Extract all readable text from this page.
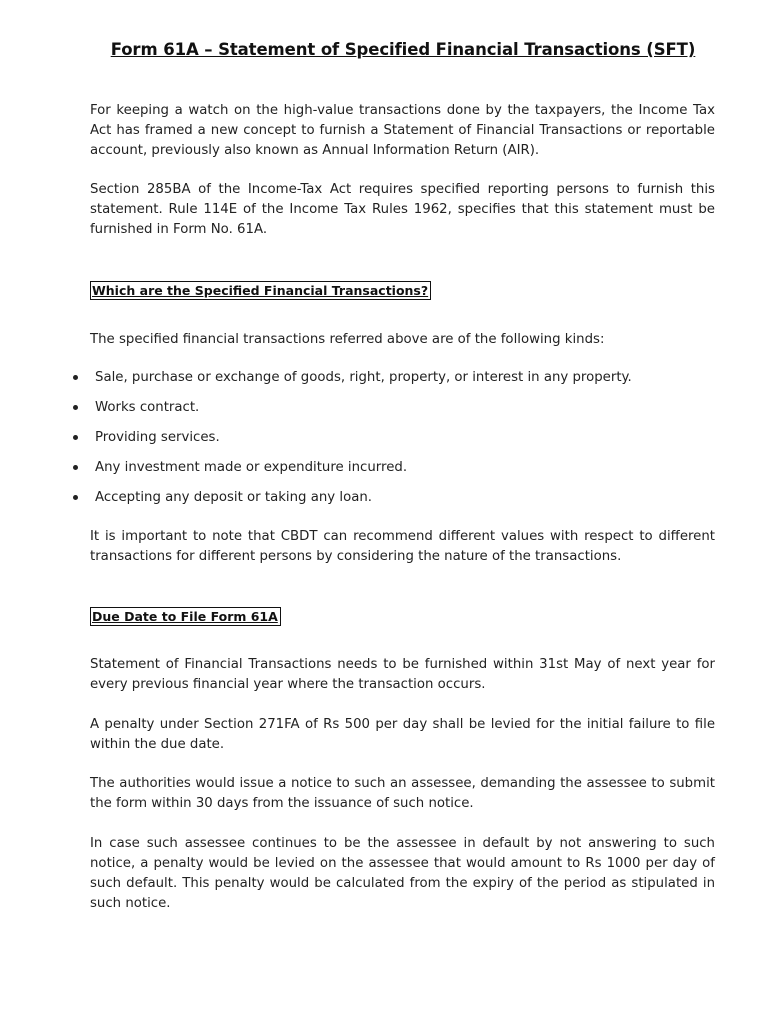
Form 61A – Statement of Specified Financial Transactions (SFT)

For keeping a watch on the high-value transactions done by the taxpayers, the Income Tax Act has framed a new concept to furnish a Statement of Financial Transactions or reportable account, previously also known as Annual Information Return (AIR).

Section 285BA of the Income-Tax Act requires specified reporting persons to furnish this statement. Rule 114E of the Income Tax Rules 1962, specifies that this statement must be furnished in Form No. 61A.

Which are the Specified Financial Transactions?

The specified financial transactions referred above are of the following kinds:

Sale, purchase or exchange of goods, right, property, or interest in any property.
Works contract.
Providing services.
Any investment made or expenditure incurred.
Accepting any deposit or taking any loan.

It is important to note that CBDT can recommend different values with respect to different transactions for different persons by considering the nature of the transactions.

Due Date to File Form 61A

Statement of Financial Transactions needs to be furnished within 31st May of next year for every previous financial year where the transaction occurs.

A penalty under Section 271FA of Rs 500 per day shall be levied for the initial failure to file within the due date.

The authorities would issue a notice to such an assessee, demanding the assessee to submit the form within 30 days from the issuance of such notice.

In case such assessee continues to be the assessee in default by not answering to such notice, a penalty would be levied on the assessee that would amount to Rs 1000 per day of such default. This penalty would be calculated from the expiry of the period as stipulated in such notice.
